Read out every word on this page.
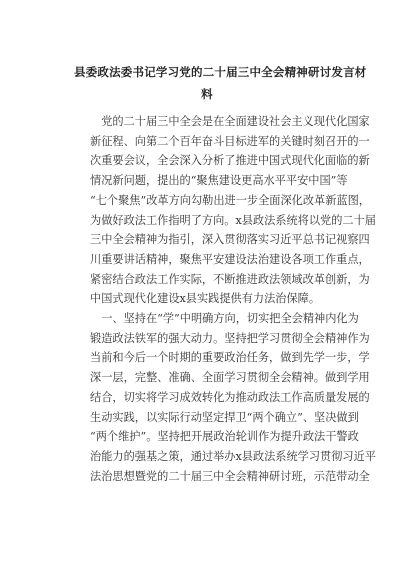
县委政法委书记学习党的二十届三中全会精神研讨发言材
料
　党的二十届三中全会是在全面建设社会主义现代化国家
新征程、向第二个百年奋斗目标进军的关键时刻召开的一
次重要会议，全会深入分析了推进中国式现代化面临的新
情况新问题，提出的“聚焦建设更高水平平安中国”等
“七个聚焦”改革方向勾勒出进一步全面深化改革新蓝图，
为做好政法工作指明了方向。x县政法系统将以党的二十届
三中全会精神为指引，深入贯彻落实习近平总书记视察四
川重要讲话精神，聚焦平安建设法治建设各项工作重点，
紧密结合政法工作实际，不断推进政法领域改革创新，为
中国式现代化建设x县实践提供有力法治保障。
　一、坚持在“学”中明确方向，切实把全会精神内化为
锻造政法铁军的强大动力。坚持把学习贯彻全会精神作为
当前和今后一个时期的重要政治任务，做到先学一步，学
深一层，完整、准确、全面学习贯彻全会精神。做到学用
结合，切实将学习成效转化为推动政法工作高质量发展的
生动实践，以实际行动坚定捍卫“两个确立”、坚决做到
“两个维护”。坚持把开展政治轮训作为提升政法干警政
治能力的强基之策，通过举办x县政法系统学习贯彻习近平
法治思想暨党的二十届三中全会精神研讨班，示范带动全
